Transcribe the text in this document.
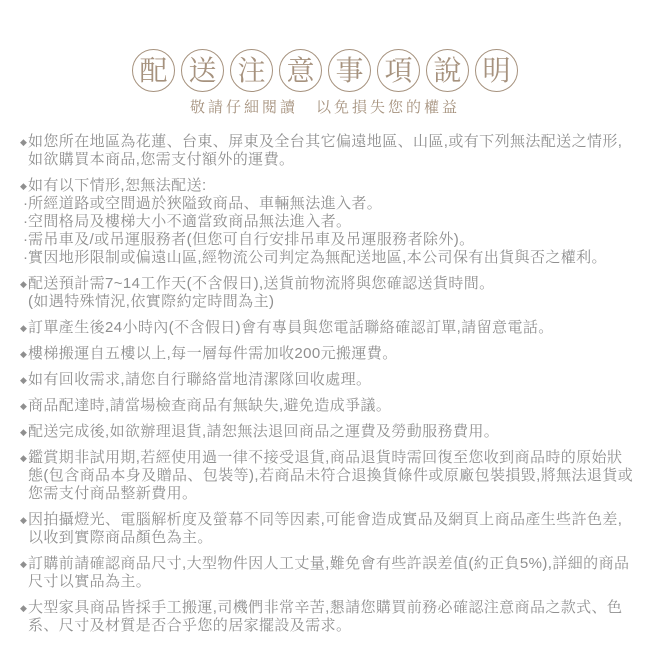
配 送 注 意 事 項 說 明
敬請仔細閱讀　以免損失您的權益
◆ 如您所在地區為花蓮、台東、屏東及全台其它偏遠地區、山區,或有下列無法配送之情形,如欲購買本商品,您需支付額外的運費。
◆ 如有以下情形,恕無法配送:
· 所經道路或空間過於狹隘致商品、車輛無法進入者。
· 空間格局及樓梯大小不適當致商品無法進入者。
· 需吊車及/或吊運服務者(但您可自行安排吊車及吊運服務者除外)。
· 實因地形限制或偏遠山區,經物流公司判定為無配送地區,本公司保有出貨與否之權利。
◆ 配送預計需7~14工作天(不含假日),送貨前物流將與您確認送貨時間。
(如遇特殊情況,依實際約定時間為主)
◆ 訂單產生後24小時內(不含假日)會有專員與您電話聯絡確認訂單,請留意電話。
◆ 樓梯搬運自五樓以上,每一層每件需加收200元搬運費。
◆ 如有回收需求,請您自行聯絡當地清潔隊回收處理。
◆ 商品配達時,請當場檢查商品有無缺失,避免造成爭議。
◆ 配送完成後,如欲辦理退貨,請恕無法退回商品之運費及勞動服務費用。
◆ 鑑賞期非試用期,若經使用過一律不接受退貨,商品退貨時需回復至您收到商品時的原始狀態(包含商品本身及贈品、包裝等),若商品未符合退換貨條件或原廠包裝損毀,將無法退貨或您需支付商品整新費用。
◆ 因拍攝燈光、電腦解析度及螢幕不同等因素,可能會造成實品及網頁上商品產生些許色差,以收到實際商品顏色為主。
◆ 訂購前請確認商品尺寸,大型物件因人工丈量,難免會有些許誤差值(約正負5%),詳細的商品尺寸以實品為主。
◆ 大型家具商品皆採手工搬運,司機們非常辛苦,懇請您購買前務必確認注意商品之款式、色系、尺寸及材質是否合乎您的居家擺設及需求。
